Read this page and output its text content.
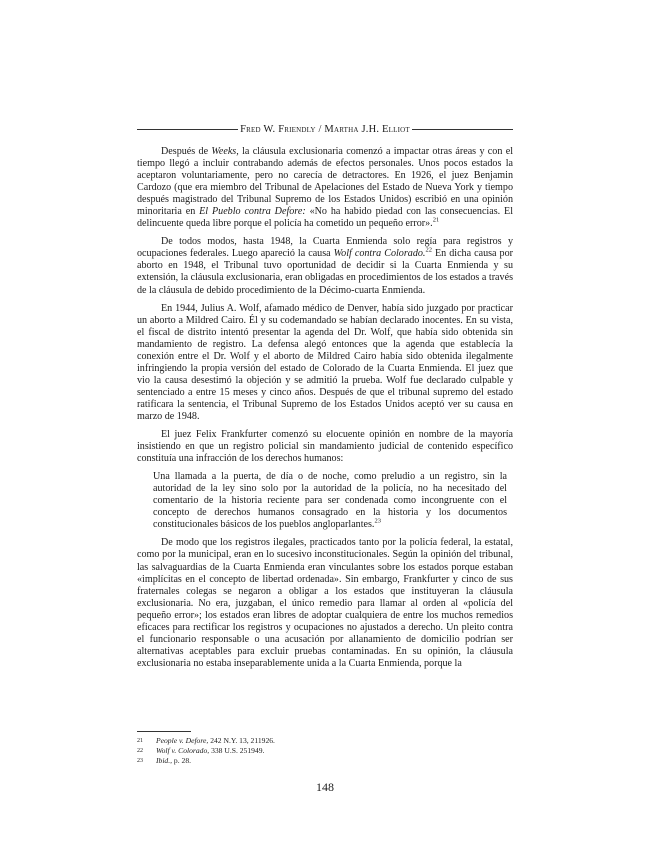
Fred W. Friendly / Martha J.H. Elliot

Después de Weeks, la cláusula exclusionaria comenzó a impactar otras áreas y con el tiempo llegó a incluir contrabando además de efectos personales. Unos pocos estados la aceptaron voluntariamente, pero no carecía de detractores. En 1926, el juez Benjamin Cardozo (que era miembro del Tribunal de Apelaciones del Estado de Nueva York y tiempo después magistrado del Tribunal Supremo de los Estados Unidos) escribió en una opinión minoritaria en El Pueblo contra Defore: «No ha habido piedad con las consecuencias. El delincuente queda libre porque el policía ha cometido un pequeño error».$^{21}$

De todos modos, hasta 1948, la Cuarta Enmienda solo regía para registros y ocupaciones federales. Luego apareció la causa Wolf contra Colorado.$^{22}$ En dicha causa por aborto en 1948, el Tribunal tuvo oportunidad de decidir si la Cuarta Enmienda y su extensión, la cláusula exclusionaria, eran obligadas en procedimientos de los estados a través de la cláusula de debido procedimiento de la Décimo-cuarta Enmienda.

En 1944, Julius A. Wolf, afamado médico de Denver, había sido juzgado por practicar un aborto a Mildred Cairo. Él y su codemandado se habían declarado inocentes. En su vista, el fiscal de distrito intentó presentar la agenda del Dr. Wolf, que había sido obtenida sin mandamiento de registro. La defensa alegó entonces que la agenda que establecía la conexión entre el Dr. Wolf y el aborto de Mildred Cairo había sido obtenida ilegalmente infringiendo la propia versión del estado de Colorado de la Cuarta Enmienda. El juez que vio la causa desestimó la objeción y se admitió la prueba. Wolf fue declarado culpable y sentenciado a entre 15 meses y cinco años. Después de que el tribunal supremo del estado ratificara la sentencia, el Tribunal Supremo de los Estados Unidos aceptó ver su causa en marzo de 1948.

El juez Felix Frankfurter comenzó su elocuente opinión en nombre de la mayoría insistiendo en que un registro policial sin mandamiento judicial de contenido específico constituía una infracción de los derechos humanos:

Una llamada a la puerta, de día o de noche, como preludio a un registro, sin la autoridad de la ley sino solo por la autoridad de la policía, no ha necesitado del comentario de la historia reciente para ser condenada como incongruente con el concepto de derechos humanos consagrado en la historia y los documentos constitucionales básicos de los pueblos angloparlantes.$^{23}$

De modo que los registros ilegales, practicados tanto por la policía federal, la estatal, como por la municipal, eran en lo sucesivo inconstitucionales. Según la opinión del tribunal, las salvaguardias de la Cuarta Enmienda eran vinculantes sobre los estados porque estaban «implícitas en el concepto de libertad ordenada». Sin embargo, Frankfurter y cinco de sus fraternales colegas se negaron a obligar a los estados que instituyeran la cláusula exclusionaria. No era, juzgaban, el único remedio para llamar al orden al «policía del pequeño error»; los estados eran libres de adoptar cualquiera de entre los muchos remedios eficaces para rectificar los registros y ocupaciones no ajustados a derecho. Un pleito contra el funcionario responsable o una acusación por allanamiento de domicilio podrían ser alternativas aceptables para excluir pruebas contaminadas. En su opinión, la cláusula exclusionaria no estaba inseparablemente unida a la Cuarta Enmienda, porque la

21	People v. Defore, 242 N.Y. 13, 211926.
22	Wolf v. Colorado, 338 U.S. 251949.
23	Ibid., p. 28.
148
